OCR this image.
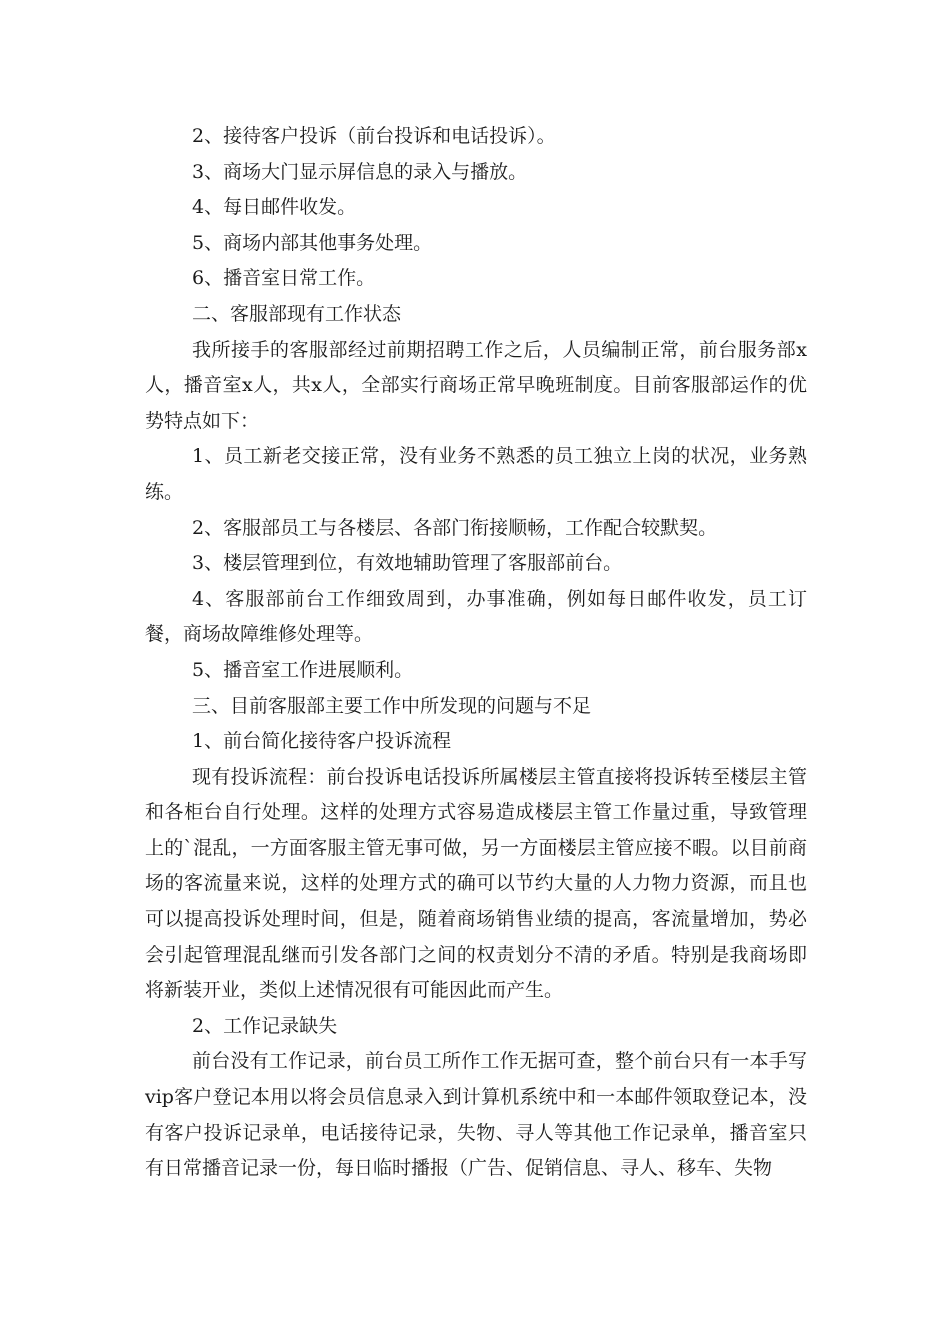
2、接待客户投诉（前台投诉和电话投诉）。

3、商场大门显示屏信息的录入与播放。

4、每日邮件收发。

5、商场内部其他事务处理。

6、播音室日常工作。

二、客服部现有工作状态

我所接手的客服部经过前期招聘工作之后，人员编制正常，前台服务部x人，播音室x人，共x人，全部实行商场正常早晚班制度。目前客服部运作的优势特点如下：

1、员工新老交接正常，没有业务不熟悉的员工独立上岗的状况，业务熟练。

2、客服部员工与各楼层、各部门衔接顺畅，工作配合较默契。

3、楼层管理到位，有效地辅助管理了客服部前台。

4、客服部前台工作细致周到，办事准确，例如每日邮件收发，员工订餐，商场故障维修处理等。

5、播音室工作进展顺利。

三、目前客服部主要工作中所发现的问题与不足

1、前台简化接待客户投诉流程

现有投诉流程：前台投诉电话投诉所属楼层主管直接将投诉转至楼层主管和各柜台自行处理。这样的处理方式容易造成楼层主管工作量过重，导致管理上的`混乱，一方面客服主管无事可做，另一方面楼层主管应接不暇。以目前商场的客流量来说，这样的处理方式的确可以节约大量的人力物力资源，而且也可以提高投诉处理时间，但是，随着商场销售业绩的提高，客流量增加，势必会引起管理混乱继而引发各部门之间的权责划分不清的矛盾。特别是我商场即将新装开业，类似上述情况很有可能因此而产生。

2、工作记录缺失

前台没有工作记录，前台员工所作工作无据可查，整个前台只有一本手写vip客户登记本用以将会员信息录入到计算机系统中和一本邮件领取登记本，没有客户投诉记录单，电话接待记录，失物、寻人等其他工作记录单，播音室只有日常播音记录一份，每日临时播报（广告、促销信息、寻人、移车、失物
